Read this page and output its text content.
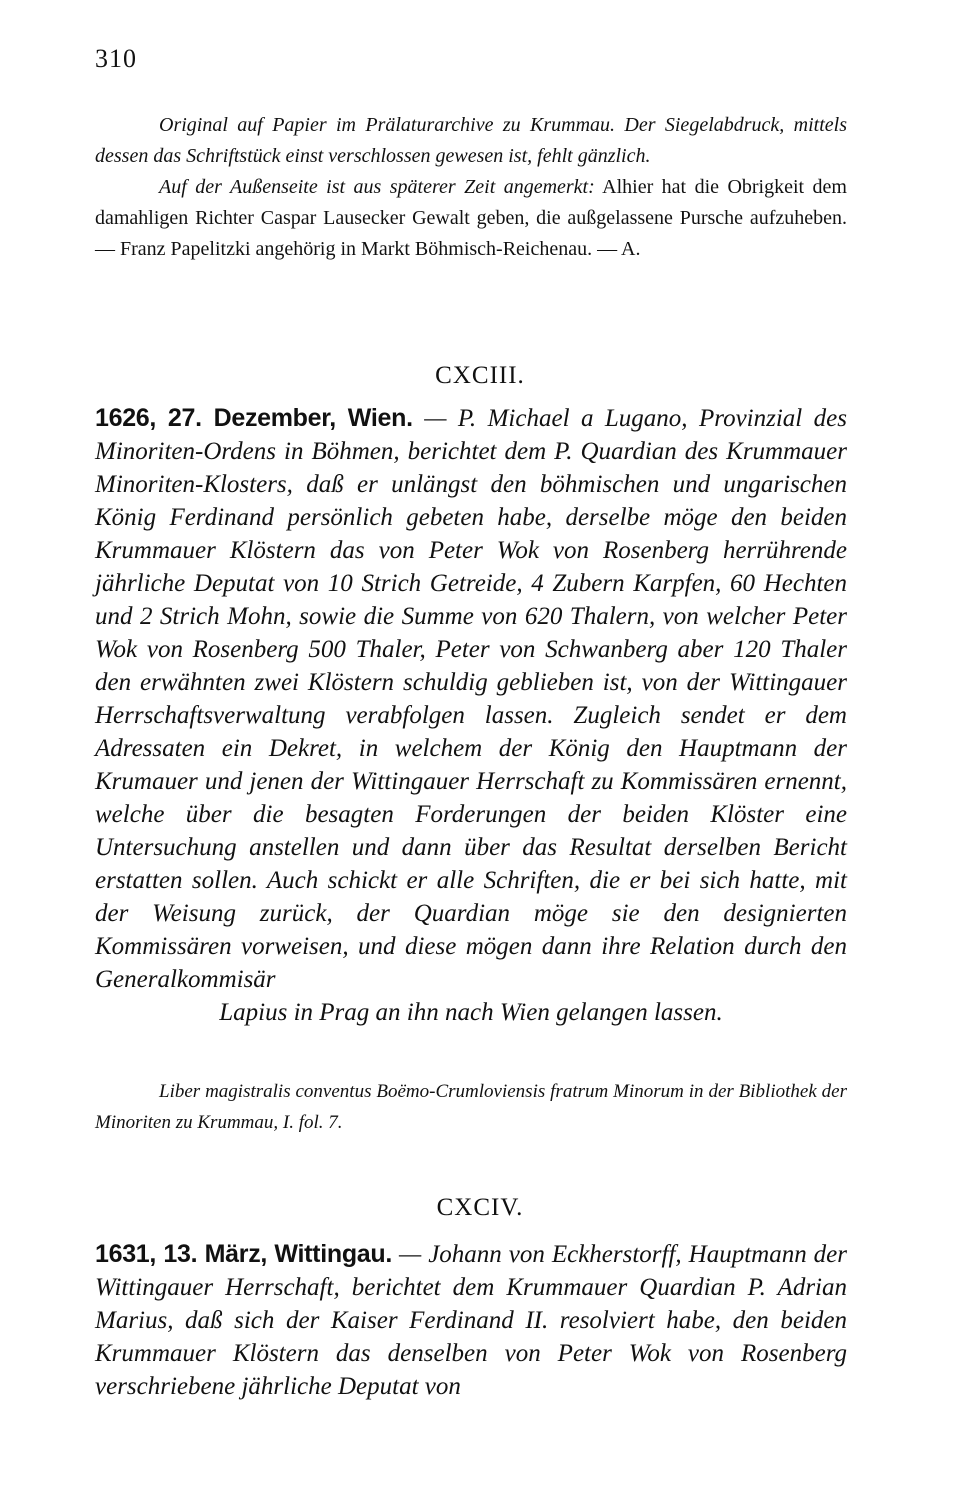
310
Original auf Papier im Prälaturarchive zu Krummau. Der Siegelabdruck, mittels dessen das Schriftstück einst verschlossen gewesen ist, fehlt gänzlich.
Auf der Außenseite ist aus späterer Zeit angemerkt: Alhier hat die Obrigkeit dem damahligen Richter Caspar Lausecker Gewalt geben, die außgelassene Pursche aufzuheben. — Franz Papelitzki angehörig in Markt Böhmisch-Reichenau. — A.
CXCIII.
1626, 27. Dezember, Wien. — P. Michael a Lugano, Provinzial des Minoriten-Ordens in Böhmen, berichtet dem P. Quardian des Krummauer Minoriten-Klosters, daß er unlängst den böhmischen und ungarischen König Ferdinand persönlich gebeten habe, derselbe möge den beiden Krummauer Klöstern das von Peter Wok von Rosenberg herrührende jährliche Deputat von 10 Strich Getreide, 4 Zubern Karpfen, 60 Hechten und 2 Strich Mohn, sowie die Summe von 620 Thalern, von welcher Peter Wok von Rosenberg 500 Thaler, Peter von Schwanberg aber 120 Thaler den erwähnten zwei Klöstern schuldig geblieben ist, von der Wittingauer Herrschaftsverwaltung verabfolgen lassen. Zugleich sendet er dem Adressaten ein Dekret, in welchem der König den Hauptmann der Krumauer und jenen der Wittingauer Herrschaft zu Kommissären ernennt, welche über die besagten Forderungen der beiden Klöster eine Untersuchung anstellen und dann über das Resultat derselben Bericht erstatten sollen. Auch schickt er alle Schriften, die er bei sich hatte, mit der Weisung zurück, der Quardian möge sie den designierten Kommissären vorweisen, und diese mögen dann ihre Relation durch den Generalkommisär
Lapius in Prag an ihn nach Wien gelangen lassen.
Liber magistralis conventus Boëmo-Crumloviensis fratrum Minorum in der Bibliothek der Minoriten zu Krummau, I. fol. 7.
CXCIV.
1631, 13. März, Wittingau. — Johann von Eckherstorff, Hauptmann der Wittingauer Herrschaft, berichtet dem Krummauer Quardian P. Adrian Marius, daß sich der Kaiser Ferdinand II. resolviert habe, den beiden Krummauer Klöstern das denselben von Peter Wok von Rosenberg verschriebene jährliche Deputat von
